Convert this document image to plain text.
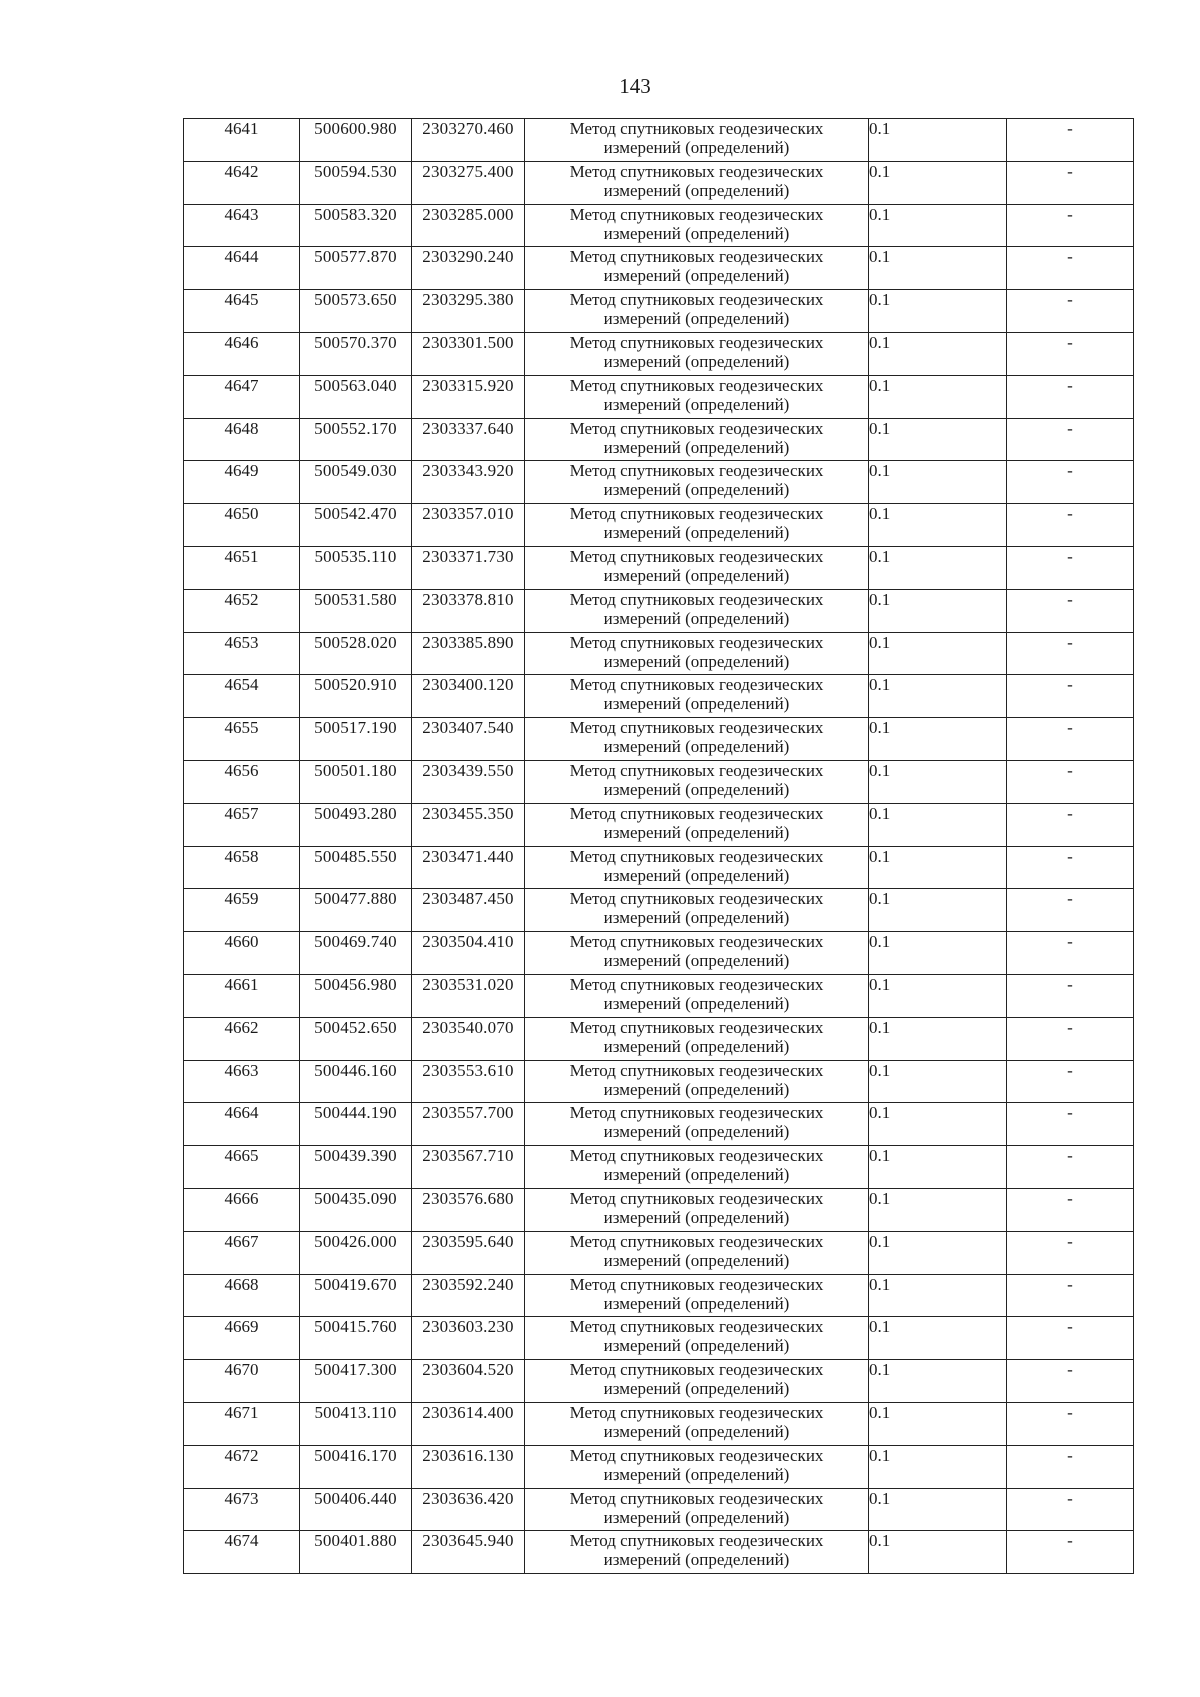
143
4641	500600.980	2303270.460	Метод спутниковых геодезических
измерений (определений)	0.1	-
4642	500594.530	2303275.400	Метод спутниковых геодезических
измерений (определений)	0.1	-
4643	500583.320	2303285.000	Метод спутниковых геодезических
измерений (определений)	0.1	-
4644	500577.870	2303290.240	Метод спутниковых геодезических
измерений (определений)	0.1	-
4645	500573.650	2303295.380	Метод спутниковых геодезических
измерений (определений)	0.1	-
4646	500570.370	2303301.500	Метод спутниковых геодезических
измерений (определений)	0.1	-
4647	500563.040	2303315.920	Метод спутниковых геодезических
измерений (определений)	0.1	-
4648	500552.170	2303337.640	Метод спутниковых геодезических
измерений (определений)	0.1	-
4649	500549.030	2303343.920	Метод спутниковых геодезических
измерений (определений)	0.1	-
4650	500542.470	2303357.010	Метод спутниковых геодезических
измерений (определений)	0.1	-
4651	500535.110	2303371.730	Метод спутниковых геодезических
измерений (определений)	0.1	-
4652	500531.580	2303378.810	Метод спутниковых геодезических
измерений (определений)	0.1	-
4653	500528.020	2303385.890	Метод спутниковых геодезических
измерений (определений)	0.1	-
4654	500520.910	2303400.120	Метод спутниковых геодезических
измерений (определений)	0.1	-
4655	500517.190	2303407.540	Метод спутниковых геодезических
измерений (определений)	0.1	-
4656	500501.180	2303439.550	Метод спутниковых геодезических
измерений (определений)	0.1	-
4657	500493.280	2303455.350	Метод спутниковых геодезических
измерений (определений)	0.1	-
4658	500485.550	2303471.440	Метод спутниковых геодезических
измерений (определений)	0.1	-
4659	500477.880	2303487.450	Метод спутниковых геодезических
измерений (определений)	0.1	-
4660	500469.740	2303504.410	Метод спутниковых геодезических
измерений (определений)	0.1	-
4661	500456.980	2303531.020	Метод спутниковых геодезических
измерений (определений)	0.1	-
4662	500452.650	2303540.070	Метод спутниковых геодезических
измерений (определений)	0.1	-
4663	500446.160	2303553.610	Метод спутниковых геодезических
измерений (определений)	0.1	-
4664	500444.190	2303557.700	Метод спутниковых геодезических
измерений (определений)	0.1	-
4665	500439.390	2303567.710	Метод спутниковых геодезических
измерений (определений)	0.1	-
4666	500435.090	2303576.680	Метод спутниковых геодезических
измерений (определений)	0.1	-
4667	500426.000	2303595.640	Метод спутниковых геодезических
измерений (определений)	0.1	-
4668	500419.670	2303592.240	Метод спутниковых геодезических
измерений (определений)	0.1	-
4669	500415.760	2303603.230	Метод спутниковых геодезических
измерений (определений)	0.1	-
4670	500417.300	2303604.520	Метод спутниковых геодезических
измерений (определений)	0.1	-
4671	500413.110	2303614.400	Метод спутниковых геодезических
измерений (определений)	0.1	-
4672	500416.170	2303616.130	Метод спутниковых геодезических
измерений (определений)	0.1	-
4673	500406.440	2303636.420	Метод спутниковых геодезических
измерений (определений)	0.1	-
4674	500401.880	2303645.940	Метод спутниковых геодезических
измерений (определений)	0.1	-
